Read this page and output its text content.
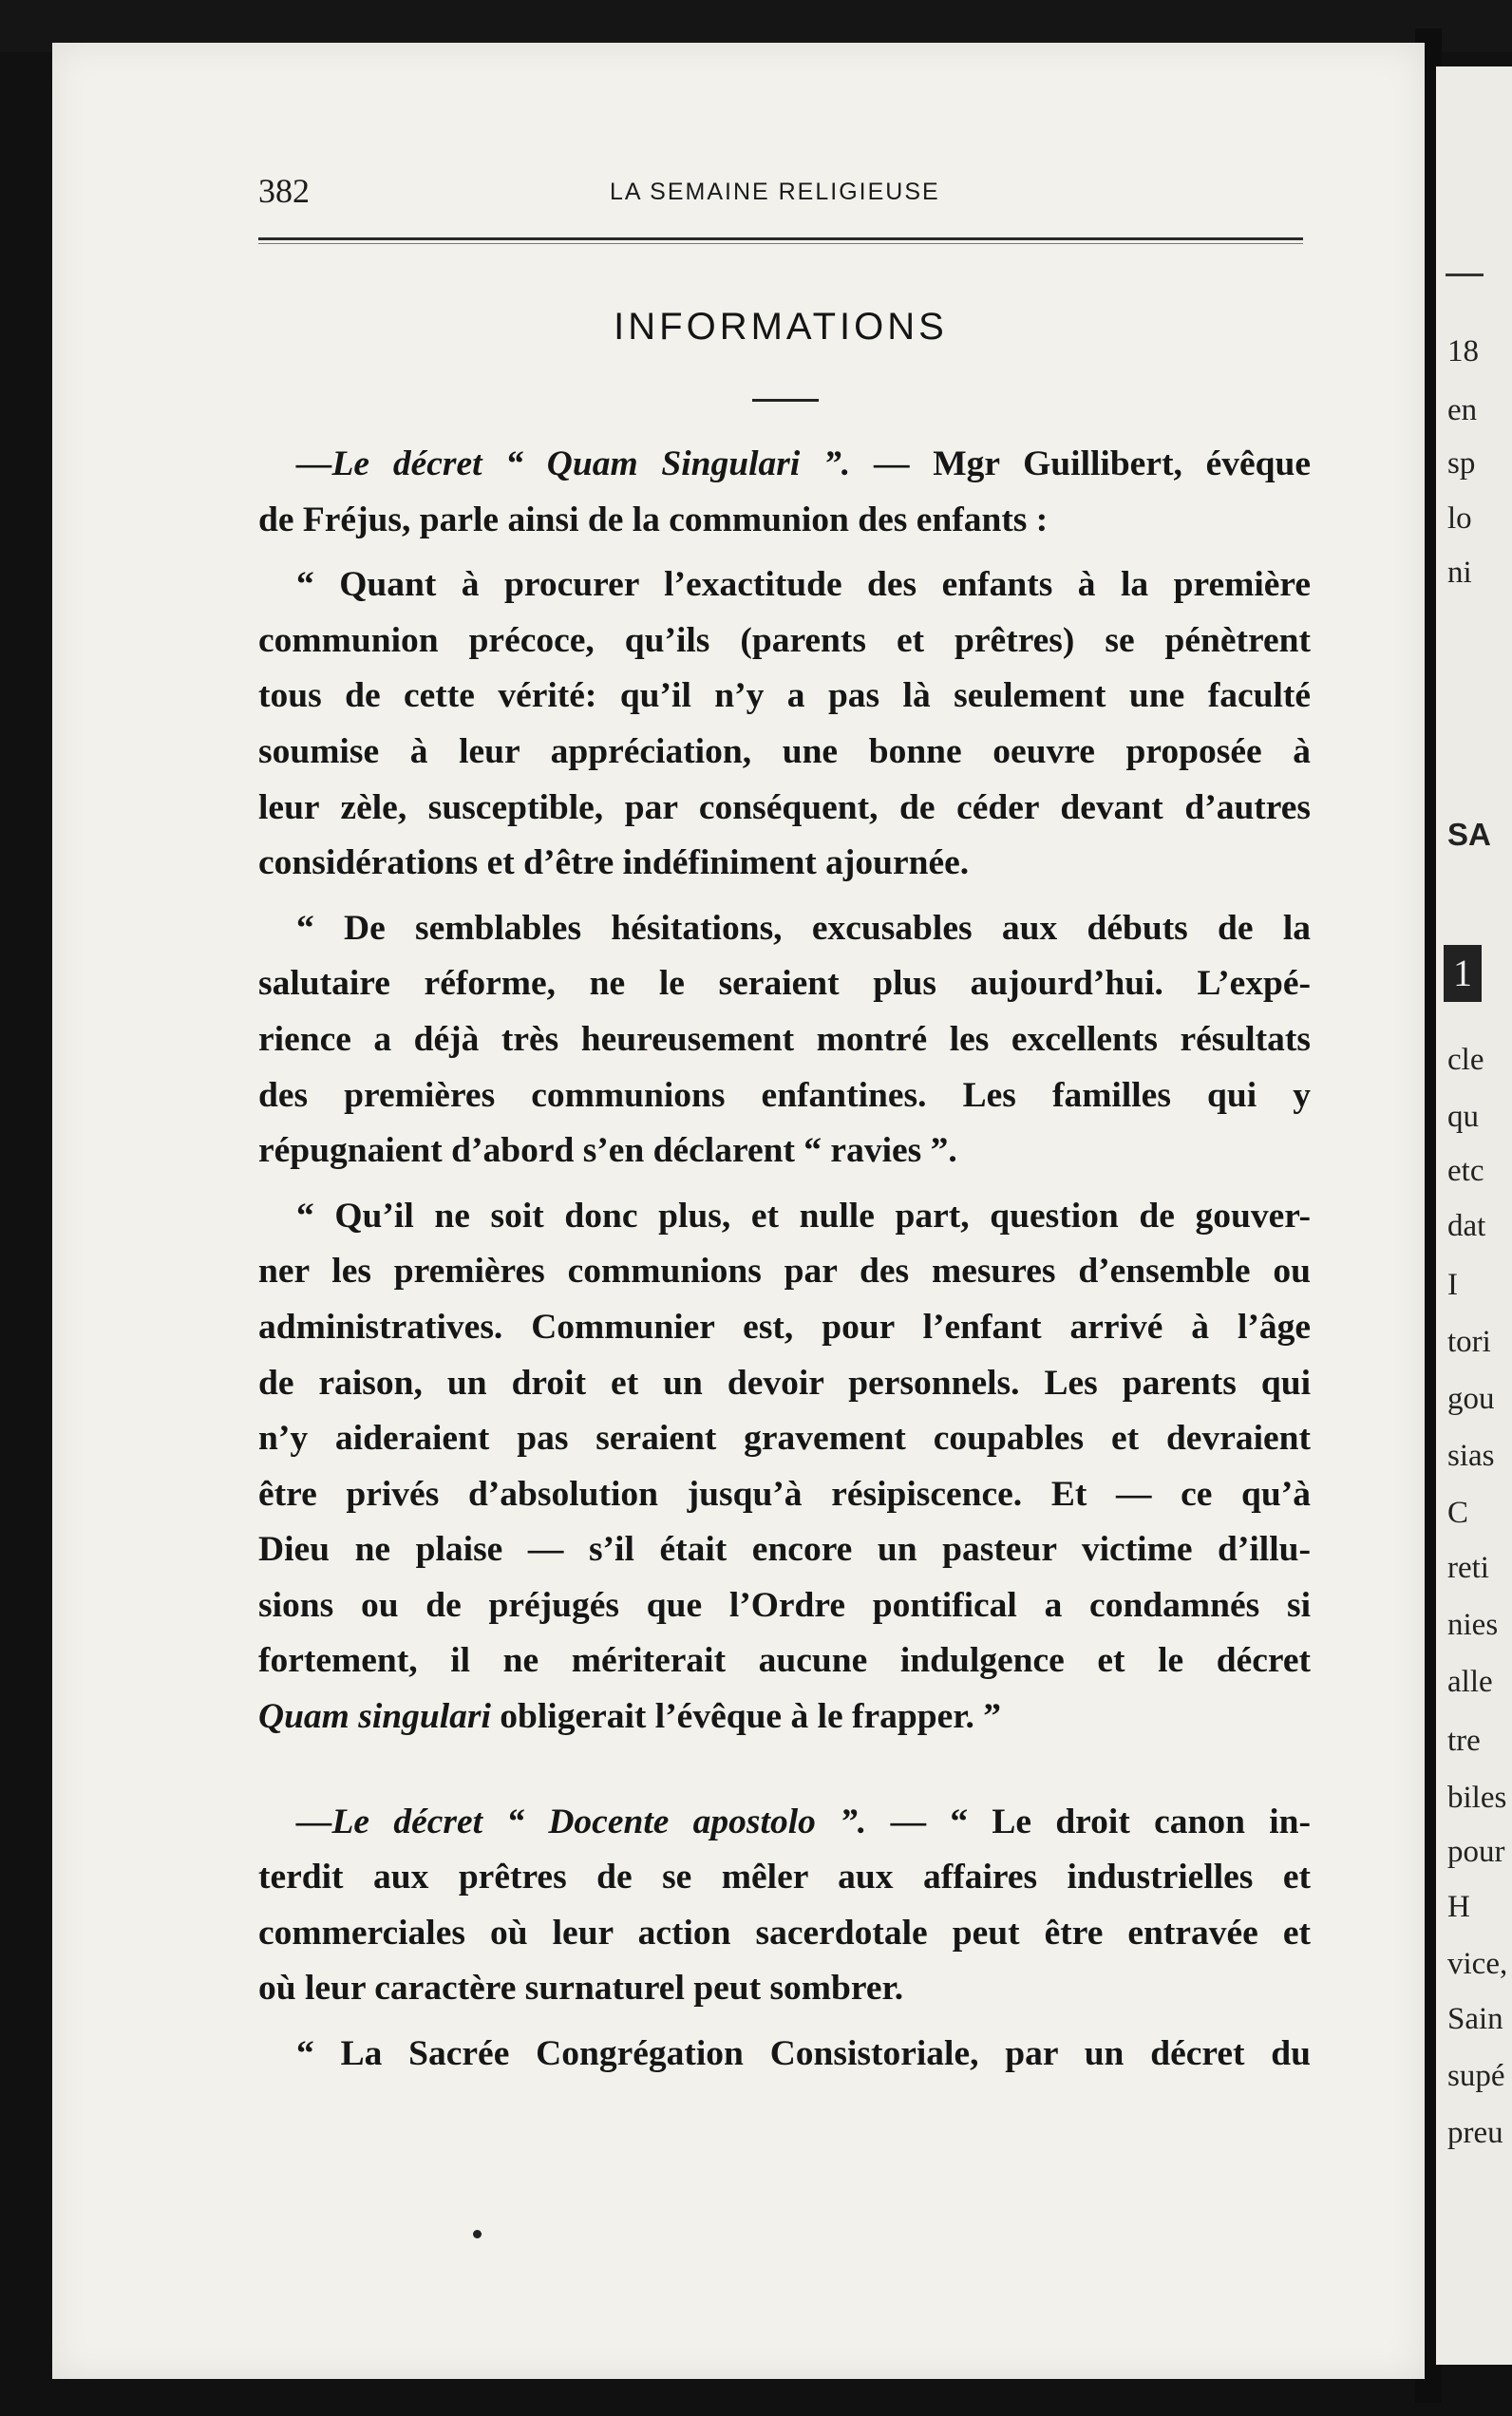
18
en
sp
lo
ni
SA
1
cle
qu
etc
dat
I
tori
gou
sias
C
reti
nies
alle
tre
biles
pour
H
vice,
Sain
supé
preu
382	LA SEMAINE RELIGIEUSE
INFORMATIONS
—Le décret “ Quam Singulari ”. — Mgr Guillibert, évêque
de Fréjus, parle ainsi de la communion des enfants :
“ Quant à procurer l’exactitude des enfants à la première
communion précoce, qu’ils (parents et prêtres) se pénètrent
tous de cette vérité: qu’il n’y a pas là seulement une faculté
soumise à leur appréciation, une bonne oeuvre proposée à
leur zèle, susceptible, par conséquent, de céder devant d’autres
considérations et d’être indéfiniment ajournée.
“ De semblables hésitations, excusables aux débuts de la
salutaire réforme, ne le seraient plus aujourd’hui. L’expé-
rience a déjà très heureusement montré les excellents résultats
des premières communions enfantines. Les familles qui y
répugnaient d’abord s’en déclarent “ ravies ”.
“ Qu’il ne soit donc plus, et nulle part, question de gouver-
ner les premières communions par des mesures d’ensemble ou
administratives. Communier est, pour l’enfant arrivé à l’âge
de raison, un droit et un devoir personnels. Les parents qui
n’y aideraient pas seraient gravement coupables et devraient
être privés d’absolution jusqu’à résipiscence. Et — ce qu’à
Dieu ne plaise — s’il était encore un pasteur victime d’illu-
sions ou de préjugés que l’Ordre pontifical a condamnés si
fortement, il ne mériterait aucune indulgence et le décret
Quam singulari obligerait l’évêque à le frapper. ”
—Le décret “ Docente apostolo ”. — “ Le droit canon in-
terdit aux prêtres de se mêler aux affaires industrielles et
commerciales où leur action sacerdotale peut être entravée et
où leur caractère surnaturel peut sombrer.
“ La Sacrée Congrégation Consistoriale, par un décret du
